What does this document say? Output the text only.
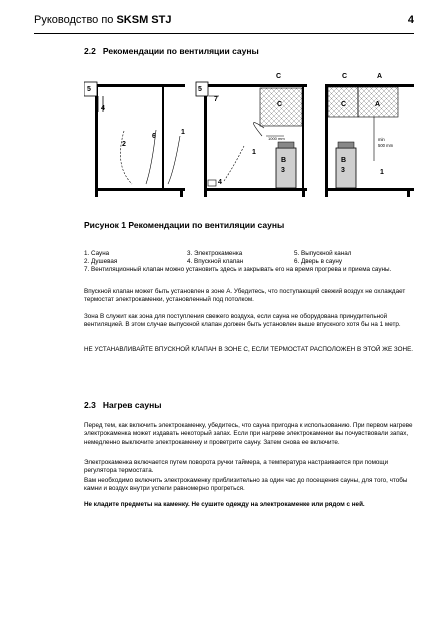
Руководство по SKSM STJ	4
2.2 Рекомендации по вентиляции сауны
5
4
2
6
1
5
7
C
C
1000 mm
1
B
3
4
C	A
C	A
min
500 mm
B
3	1
Рисунок 1 Рекомендации по вентиляции сауны
1. Сауна	3. Электрокаменка	5. Выпускной канал
2. Душевая	4. Впускной клапан	6. Дверь в сауну
7. Вентиляционный клапан можно установить здесь и закрывать его на время прогрева и приема сауны.
Впускной клапан может быть установлен в зоне A. Убедитесь, что поступающий свежий воздух не охлаждает термостат электрокаменки, установленный под потолком.
Зона B служит как зона для поступления свежего воздуха, если сауна не оборудована принудительной вентиляцией. В этом случае выпускной клапан должен быть установлен выше впускного хотя бы на 1 метр.
НЕ УСТАНАВЛИВАЙТЕ ВПУСКНОЙ КЛАПАН В ЗОНЕ C, ЕСЛИ ТЕРМОСТАТ РАСПОЛОЖЕН В ЭТОЙ ЖЕ ЗОНЕ.
2.3 Нагрев сауны
Перед тем, как включить электрокаменку, убедитесь, что сауна пригодна к использованию. При первом нагреве электрокаменка может издавать некоторый запах. Если при нагреве электрокаменки вы почувствовали запах, немедленно выключите электрокаменку и проветрите сауну. Затем снова ее включите.
Электрокаменка включается путем поворота ручки таймера, а температура настраивается при помощи регулятора термостата.
Вам необходимо включить электрокаменку приблизительно за один час до посещения сауны, для того, чтобы камни и воздух внутри успели равномерно прогреться.
Не кладите предметы на каменку. Не сушите одежду на электрокаменке или рядом с ней.
